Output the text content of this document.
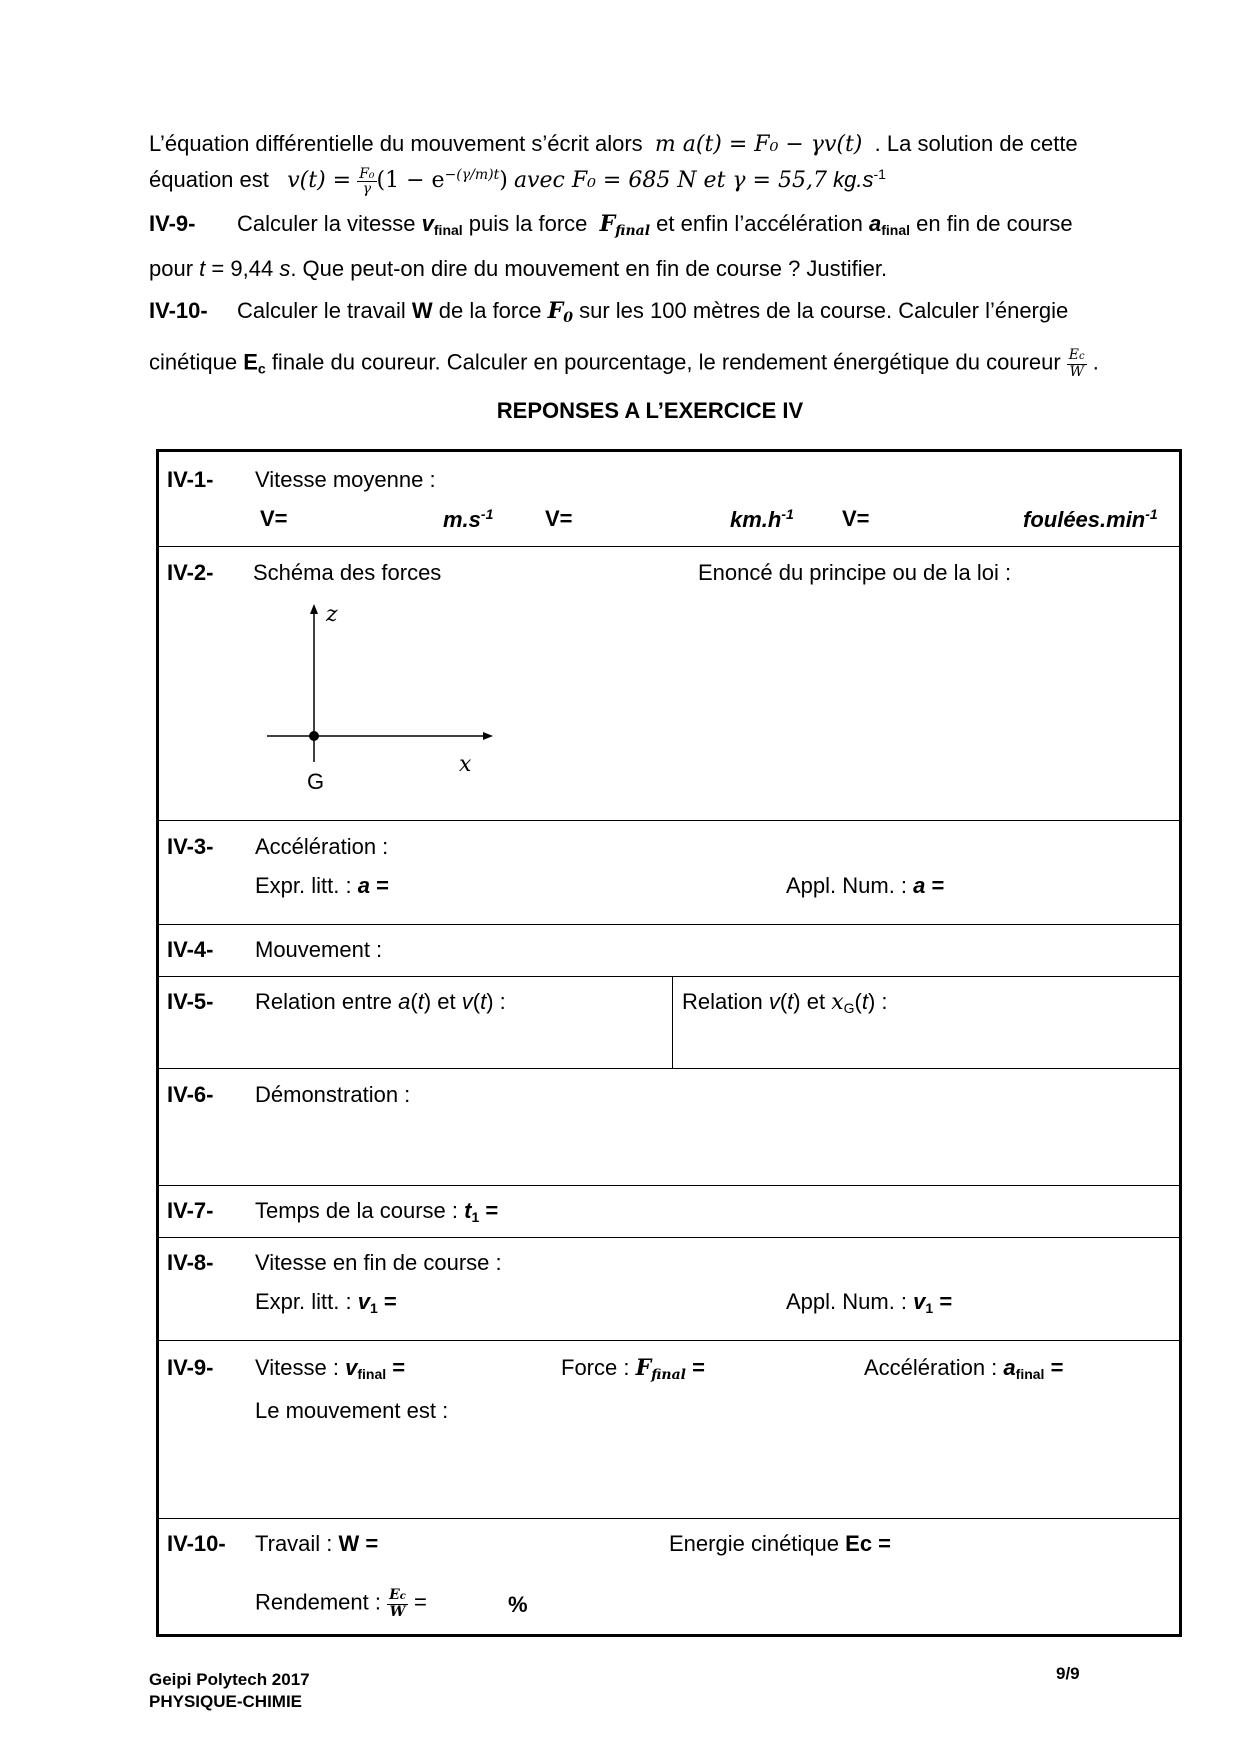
L’équation différentielle du mouvement s’écrit alors m a(t) = F₀ − γv(t) . La solution de cette
équation est $v(t) = \frac{\text{F₀}}{\gamma} (1 - e^{-(\gamma/m)t})$ avec F₀ = 685 N et γ = 55,7 $kg.s^{-1}$
IV-9- Calculer la vitesse $v_{final}$ puis la force $F_{final}$ et enfin l’accélération $a_{final}$ en fin de course
pour t = 9,44 s. Que peut-on dire du mouvement en fin de course ? Justifier.
IV-10- Calculer le travail W de la force $F_0$ sur les 100 mètres de la course. Calculer l’énergie
cinétique $E_c$ finale du coureur. Calculer en pourcentage, le rendement énergétique du coureur $\frac{Ec}{W}$ .
REPONSES A L’EXERCICE IV
IV-1- Vitesse moyenne :
V=	$m.s^{-1}$ V=	$km.h^{-1}$ V=	$foulées.\min^{-1}$
IV-2- Schéma des forces	Enoncé du principe ou de la loi :
z
x
G
IV-3- Accélération :
Expr. litt. : a =	Appl. Num. : a =
IV-4- Mouvement :
IV-5- Relation entre a(t) et v(t) :	Relation v(t) et $x_G(t)$ :
IV-6- Démonstration :
IV-7- Temps de la course : $t_1$ =
IV-8- Vitesse en fin de course :
Expr. litt. : $v_1$ =	Appl. Num. : $v_1$ =
IV-9- Vitesse : $v_{final}$ =	Force : $F_{final}$ =	Accélération : $a_{final}$ =
Le mouvement est :
IV-10- Travail : W =	Energie cinétique Ec =
Rendement : $\frac{Ec}{W}$ =	%
Geipi Polytech 2017
PHYSIQUE-CHIMIE
9/9
